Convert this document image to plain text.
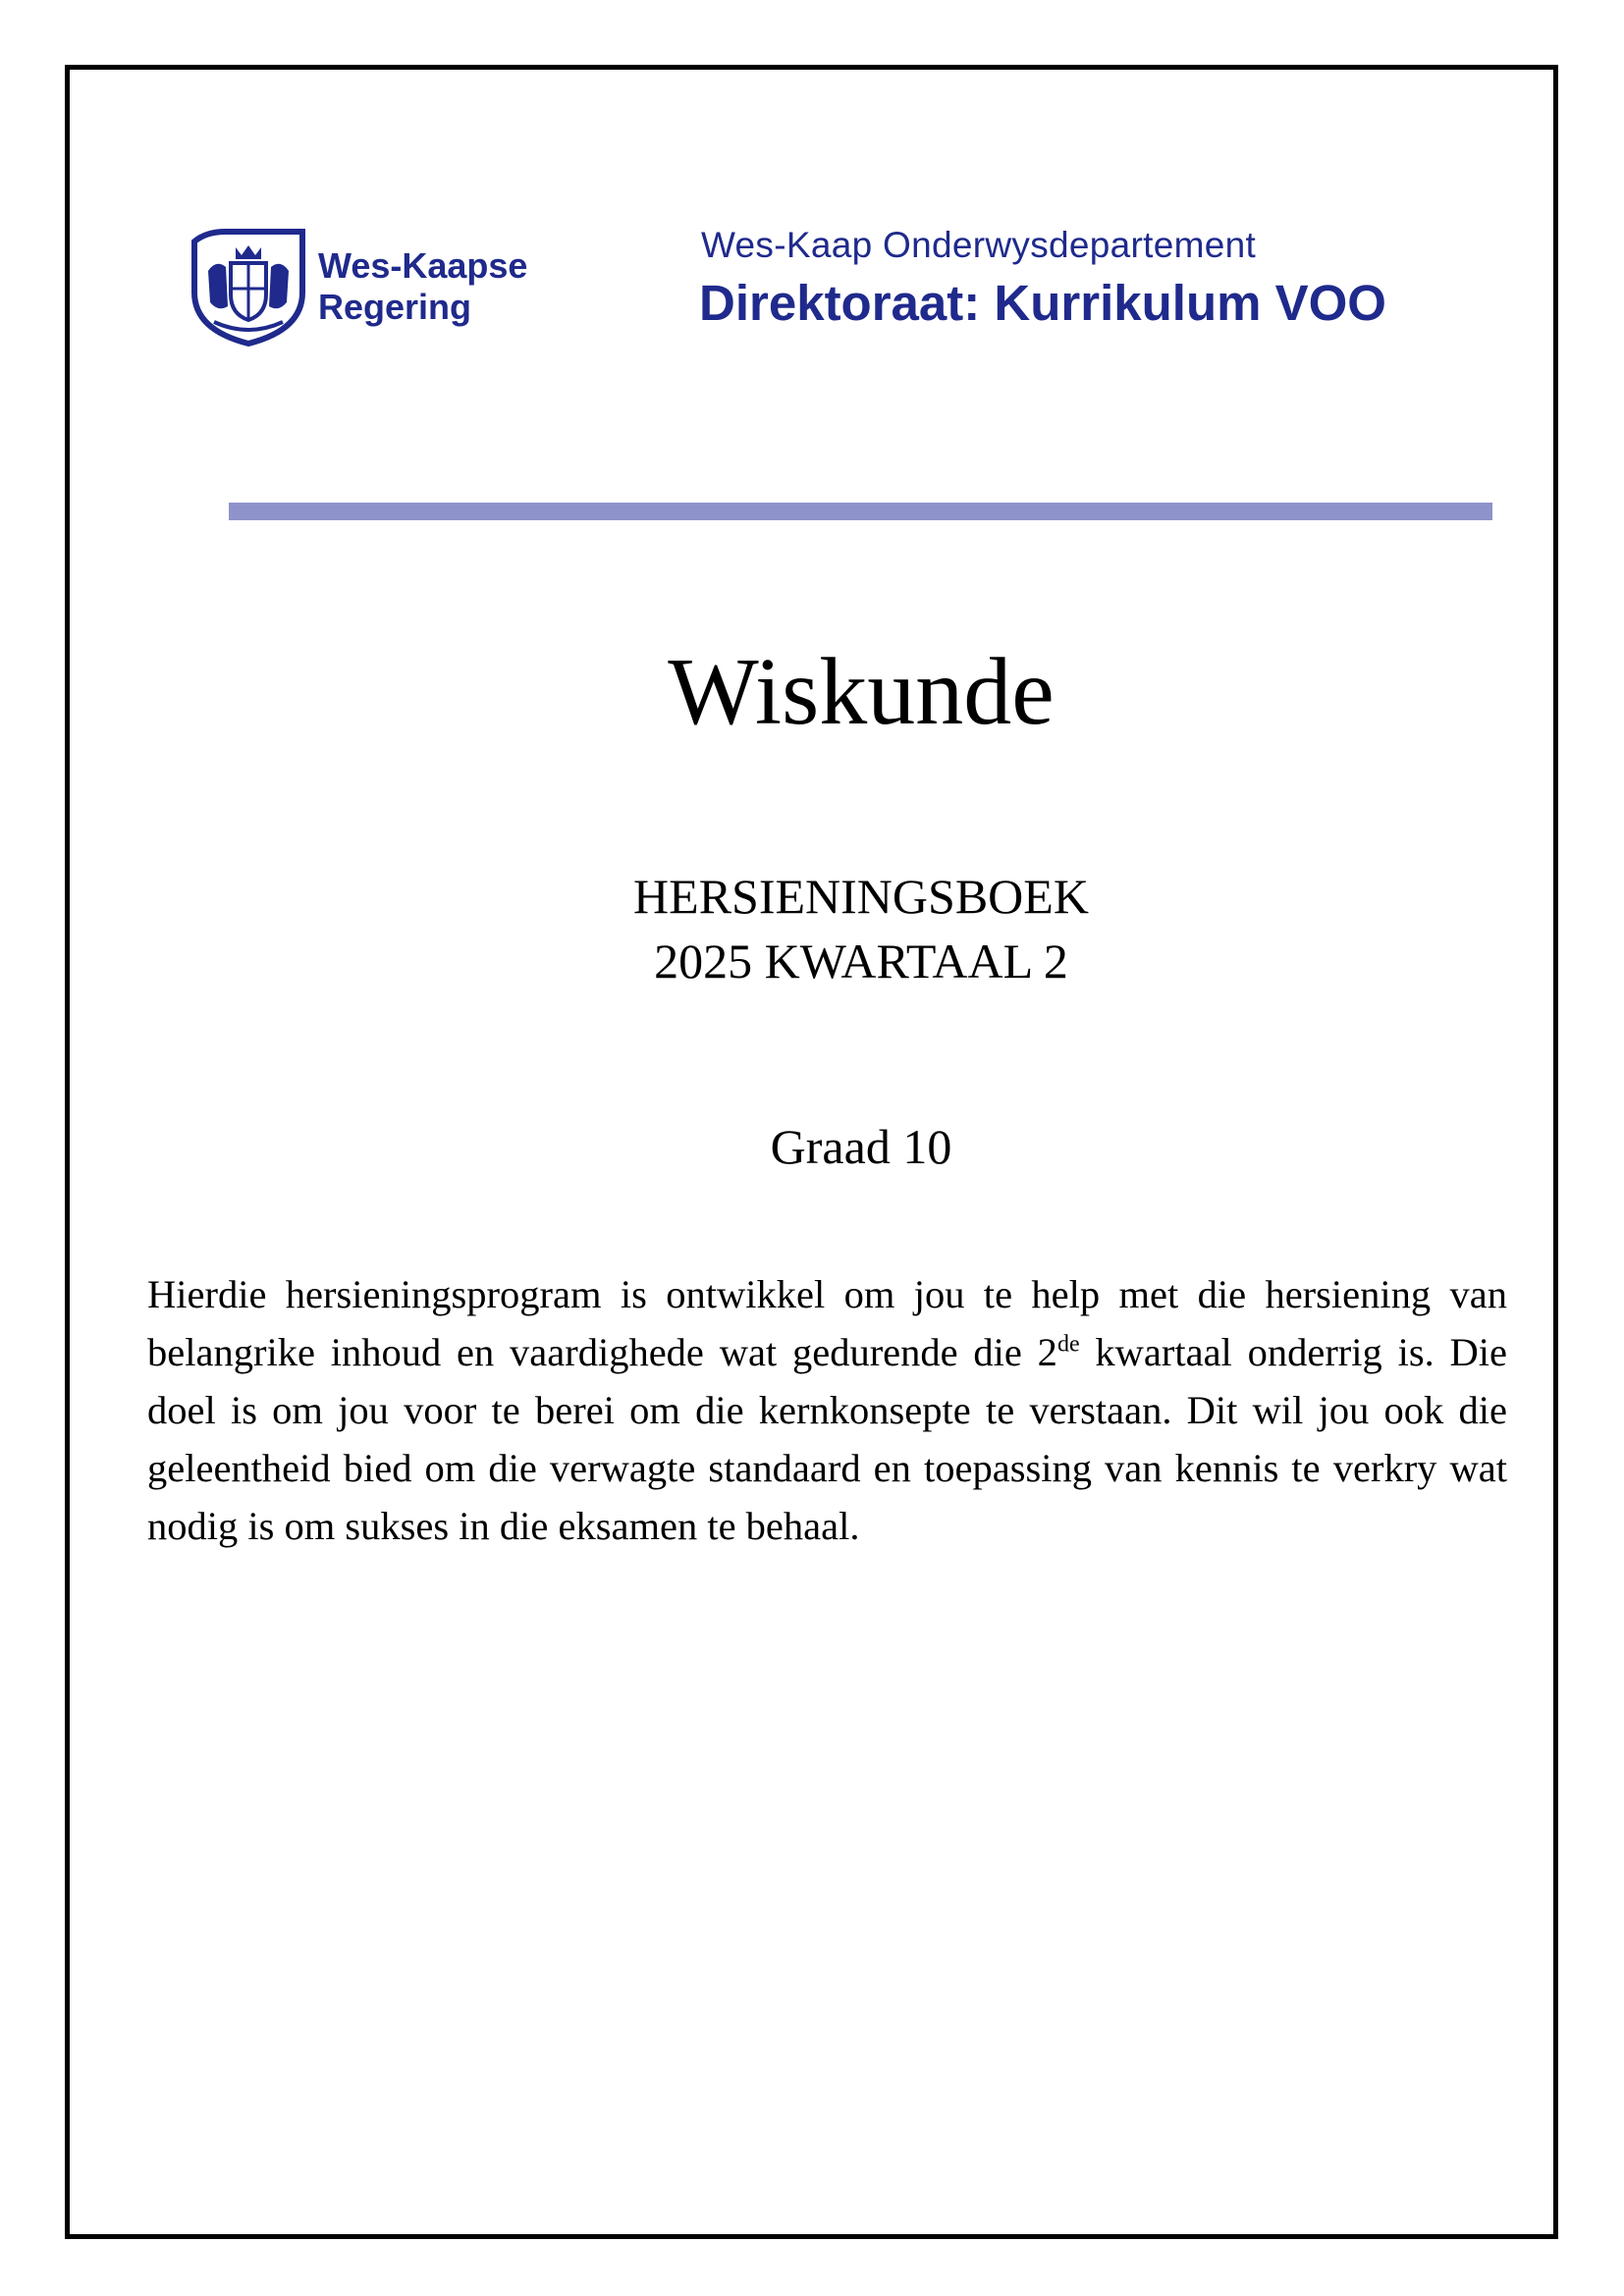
Wes-Kaapse
Regering
Wes-Kaap Onderwysdepartement
Direktoraat: Kurrikulum VOO
Wiskunde
HERSIENINGSBOEK
2025 KWARTAAL 2
Graad 10

Hierdie hersieningsprogram is ontwikkel om jou te help met die hersiening van belangrike inhoud en vaardighede wat gedurende die 2de kwartaal onderrig is. Die doel is om jou voor te berei om die kernkonsepte te verstaan. Dit wil jou ook die geleentheid bied om die verwagte standaard en toepassing van kennis te verkry wat nodig is om sukses in die eksamen te behaal.
